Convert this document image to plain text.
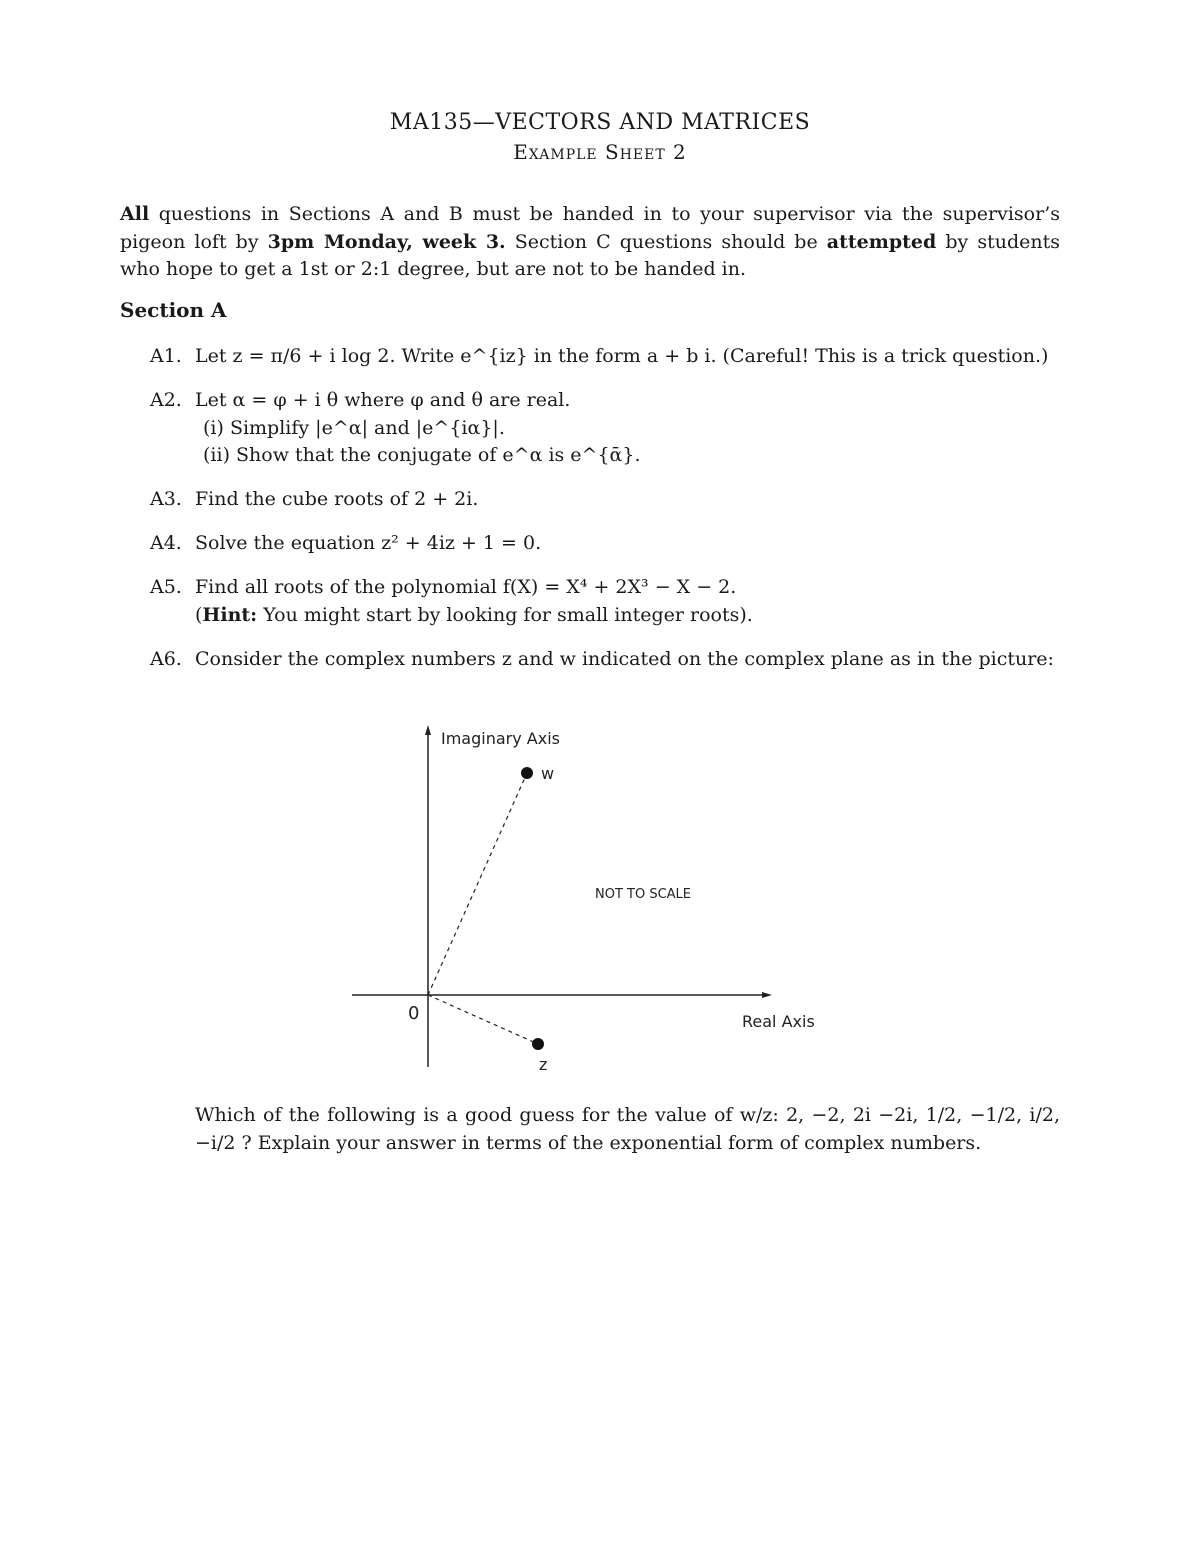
MA135—VECTORS AND MATRICES
Example Sheet 2
All questions in Sections A and B must be handed in to your supervisor via the supervisor’s pigeon loft by 3pm Monday, week 3. Section C questions should be attempted by students who hope to get a 1st or 2:1 degree, but are not to be handed in.
Section A
A1. Let z = π/6 + i log 2. Write e^{iz} in the form a + b i. (Careful! This is a trick question.)
A2. Let α = φ + i θ where φ and θ are real.
(i) Simplify |e^α| and |e^{iα}|.
(ii) Show that the conjugate of e^α is e^{ᾱ}.
A3. Find the cube roots of 2 + 2i.
A4. Solve the equation z² + 4iz + 1 = 0.
A5. Find all roots of the polynomial f(X) = X⁴ + 2X³ − X − 2.
(Hint: You might start by looking for small integer roots).
A6. Consider the complex numbers z and w indicated on the complex plane as in the picture:
Imaginary Axis
w
NOT TO SCALE
0	Real Axis
z
Which of the following is a good guess for the value of w/z: 2, −2, 2i −2i, 1/2, −1/2, i/2, −i/2 ? Explain your answer in terms of the exponential form of complex numbers.
